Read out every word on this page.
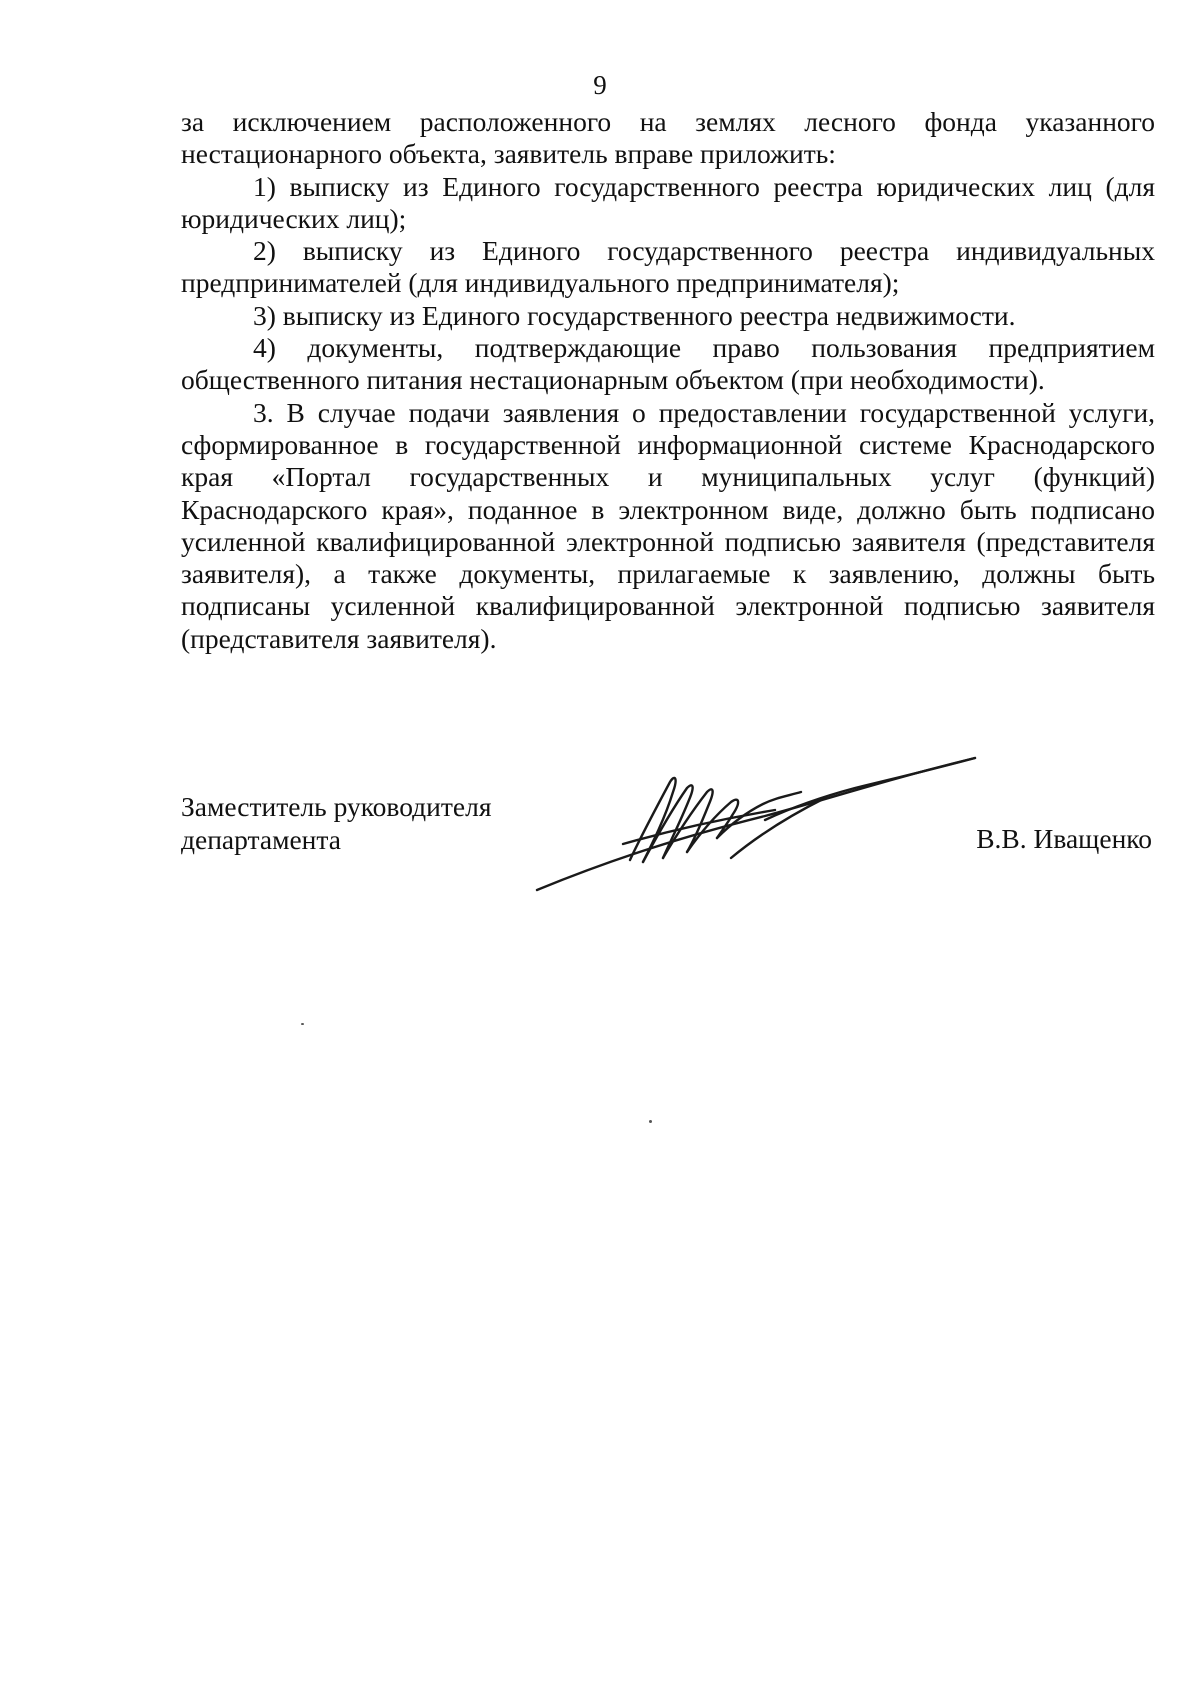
9

за исключением расположенного на землях лесного фонда указанного нестационарного объекта, заявитель вправе приложить:

1) выписку из Единого государственного реестра юридических лиц (для юридических лиц);

2) выписку из Единого государственного реестра индивидуальных предпринимателей (для индивидуального предпринимателя);

3) выписку из Единого государственного реестра недвижимости.

4) документы, подтверждающие право пользования предприятием общественного питания нестационарным объектом (при необходимости).

3. В случае подачи заявления о предоставлении государственной услуги, сформированное в государственной информационной системе Краснодарского края «Портал государственных и муниципальных услуг (функций) Краснодарского края», поданное в электронном виде, должно быть подписано усиленной квалифицированной электронной подписью заявителя (представителя заявителя), а также документы, прилагаемые к заявлению, должны быть подписаны усиленной квалифицированной электронной подписью заявителя (представителя заявителя).

Заместитель руководителя
департамента	В.В. Иващенко
